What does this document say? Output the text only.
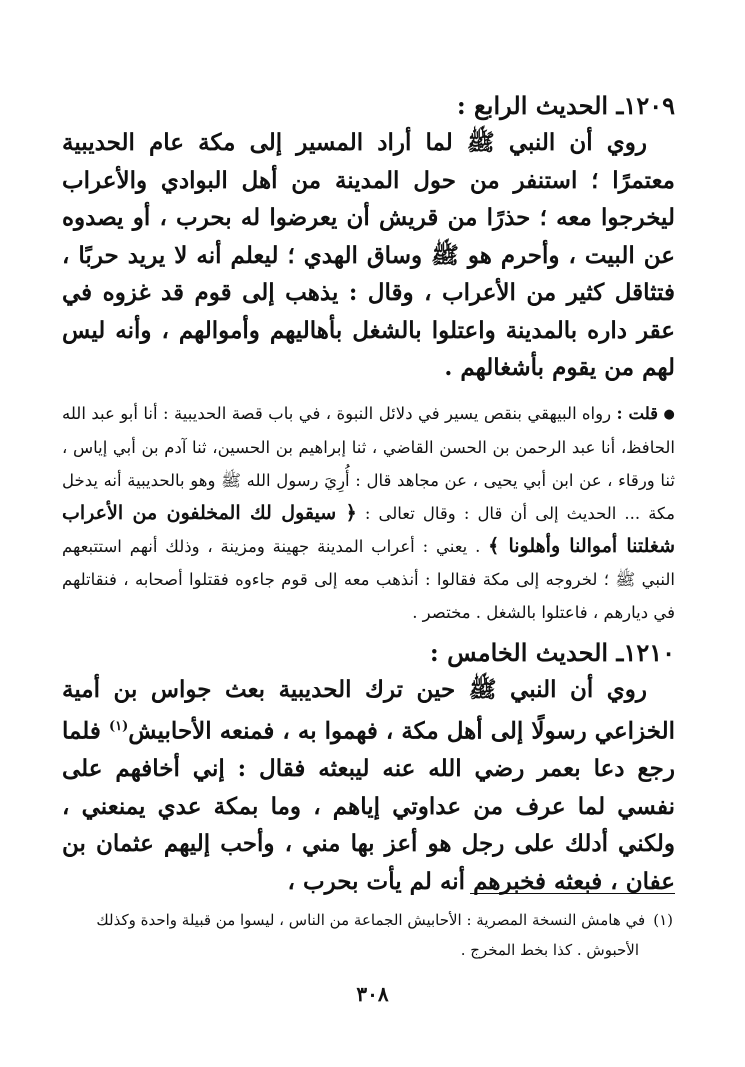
١٢٠٩ـ الحديث الرابع :

روي أن النبي ﷺ لما أراد المسير إلى مكة عام الحديبية معتمرًا ؛ استنفر من حول المدينة من أهل البوادي والأعراب ليخرجوا معه ؛ حذرًا من قريش أن يعرضوا له بحرب ، أو يصدوه عن البيت ، وأحرم هو ﷺ وساق الهدي ؛ ليعلم أنه لا يريد حربًا ، فتثاقل كثير من الأعراب ، وقال : يذهب إلى قوم قد غزوه في عقر داره بالمدينة واعتلوا بالشغل بأهاليهم وأموالهم ، وأنه ليس لهم من يقوم بأشغالهم .

● قلت : رواه البيهقي بنقص يسير في دلائل النبوة ، في باب قصة الحديبية : أنا أبو عبد الله الحافظ، أنا عبد الرحمن بن الحسن القاضي ، ثنا إبراهيم بن الحسين، ثنا آدم بن أبي إياس ، ثنا ورقاء ، عن ابن أبي يحيى ، عن مجاهد قال : أُرِيَ رسول الله ﷺ وهو بالحديبية أنه يدخل مكة ... الحديث إلى أن قال : وقال تعالى : ﴿ سيقول لك المخلفون من الأعراب شغلتنا أموالنا وأهلونا ﴾ . يعني : أعراب المدينة جهينة ومزينة ، وذلك أنهم استتبعهم النبي ﷺ ؛ لخروجه إلى مكة فقالوا : أنذهب معه إلى قوم جاءوه فقتلوا أصحابه ، فنقاتلهم في ديارهم ، فاعتلوا بالشغل . مختصر .

١٢١٠ـ الحديث الخامس :

روي أن النبي ﷺ حين ترك الحديبية بعث جواس بن أمية الخزاعي رسولًا إلى أهل مكة ، فهموا به ، فمنعه الأحابيش$^{(١)}$ فلما رجع دعا بعمر رضي الله عنه ليبعثه فقال : إني أخافهم على نفسي لما عرف من عداوتي إياهم ، وما بمكة عدي يمنعني ، ولكني أدلك على رجل هو أعز بها مني ، وأحب إليهم عثمان بن عفان ، فبعثه فخبرهم أنه لم يأت بحرب ،

(١)في هامش النسخة المصرية : الأحابيش الجماعة من الناس ، ليسوا من قبيلة واحدة وكذلك
الأحبوش . كذا بخط المخرج .
٣٠٨
